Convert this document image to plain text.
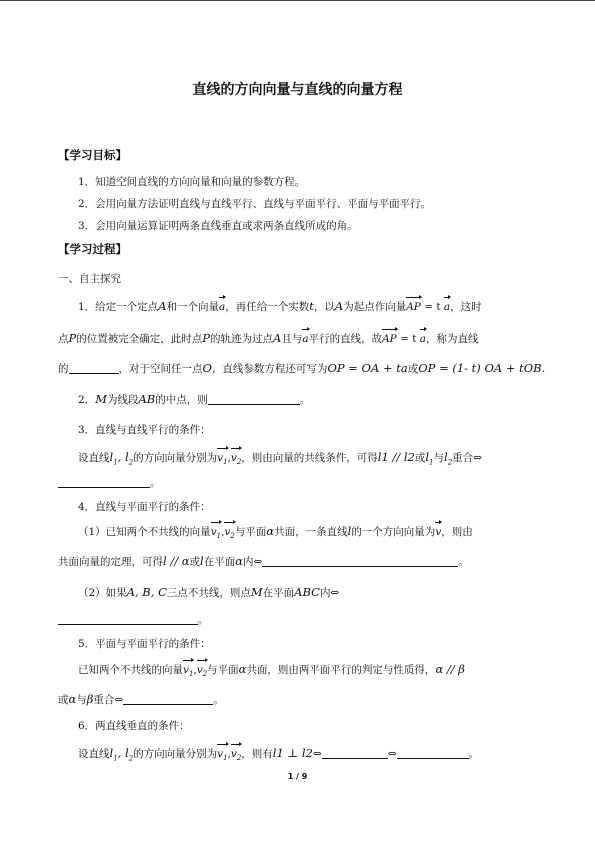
直线的方向向量与直线的向量方程
【学习目标】
1．知道空间直线的方向向量和向量的参数方程。
2．会用向量方法证明直线与直线平行、直线与平面平行、平面与平面平行。
3．会用向量运算证明两条直线垂直或求两条直线所成的角。
【学习过程】
一、自主探究
1．给定一个定点A和一个向量a，再任给一个实数t，以A为起点作向量AP = t a，这时
点P的位置被完全确定，此时点P的轨迹为过点A且与a平行的直线，故AP = t a，称为直线
的	，对于空间任一点O，直线参数方程还可写为OP = OA + ta或OP = (1- t) OA + tOB.
2．M为线段AB的中点，则	。
3．直线与直线平行的条件：
设直线$l_1$, $l_2$的方向向量分别为$v_1,v_2$，则由向量的共线条件，可得l1 // l2或$l_1$与$l_2$重合⇔
。
4．直线与平面平行的条件：
（1）已知两个不共线的向量$v_1,v_2$与平面α共面，一条直线l的一个方向向量为v，则由
共面向量的定理，可得l // α或l在平面α内⇔	。
（2）如果A, B, C三点不共线，则点M在平面ABC内⇔
。
5．平面与平面平行的条件：
已知两个不共线的向量$v_1,v_2$与平面α共面，则由两平面平行的判定与性质得，α // β
或α与β重合⇔	。
6．两直线垂直的条件：
设直线$l_1$, $l_2$的方向向量分别为$v_1,v_2$，则有l1 ⊥ l2⇔	⇔	。
1 / 9
